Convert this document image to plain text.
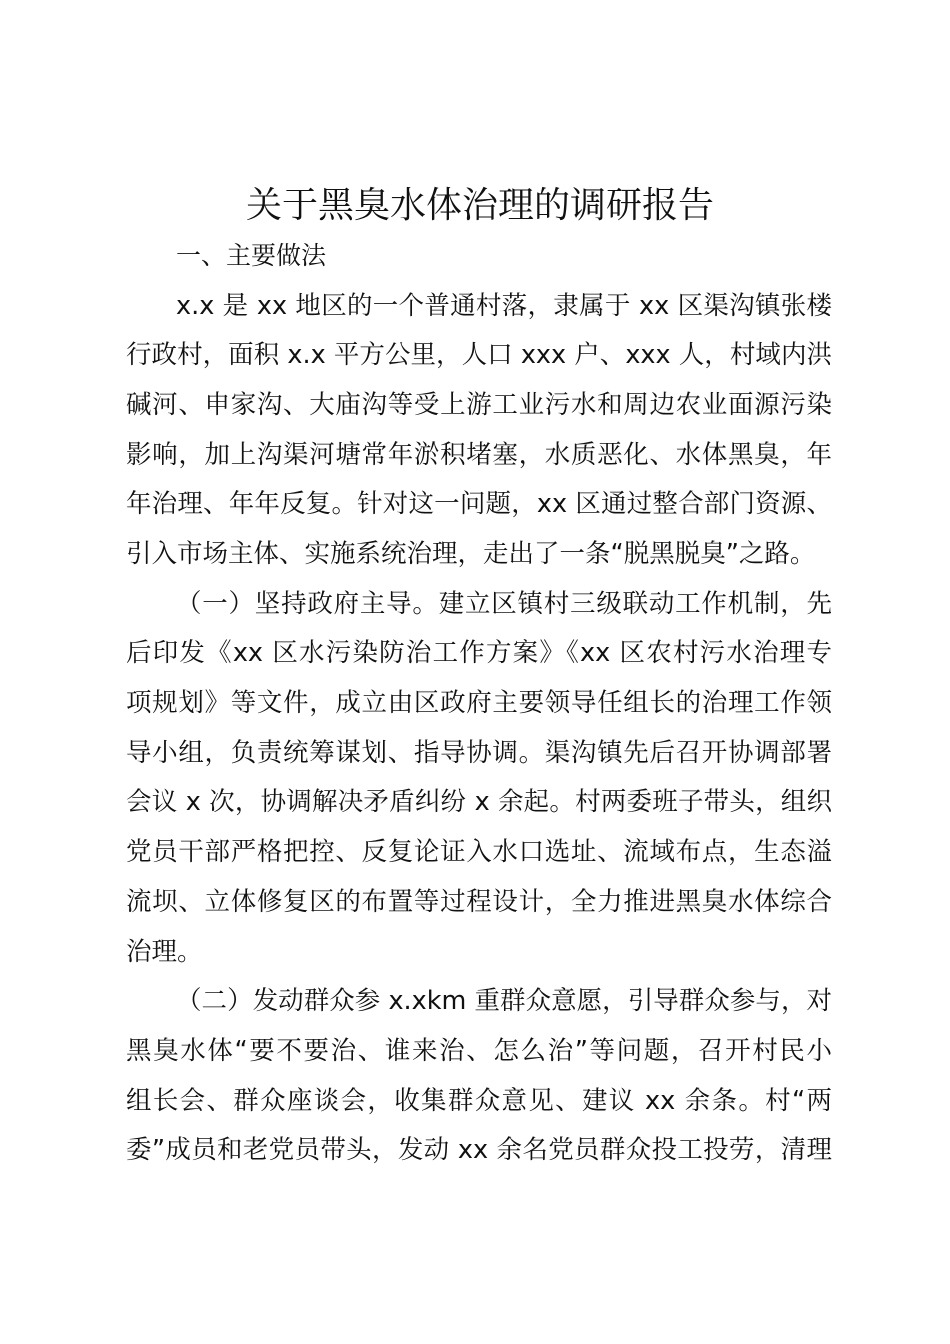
关于黑臭水体治理的调研报告
一、主要做法
x.x 是 xx 地区的一个普通村落，隶属于 xx 区渠沟镇张楼
行政村，面积 x.x 平方公里，人口 xxx 户、xxx 人，村域内洪
碱河、申家沟、大庙沟等受上游工业污水和周边农业面源污染
影响，加上沟渠河塘常年淤积堵塞，水质恶化、水体黑臭，年
年治理、年年反复。针对这一问题，xx 区通过整合部门资源、
引入市场主体、实施系统治理，走出了一条“脱黑脱臭”之路。
（一）坚持政府主导。建立区镇村三级联动工作机制，先
后印发《xx 区水污染防治工作方案》《xx 区农村污水治理专
项规划》等文件，成立由区政府主要领导任组长的治理工作领
导小组，负责统筹谋划、指导协调。渠沟镇先后召开协调部署
会议 x 次，协调解决矛盾纠纷 x 余起。村两委班子带头，组织
党员干部严格把控、反复论证入水口选址、流域布点，生态溢
流坝、立体修复区的布置等过程设计，全力推进黑臭水体综合
治理。
（二）发动群众参 x.xkm 重群众意愿，引导群众参与，对
黑臭水体“要不要治、谁来治、怎么治”等问题，召开村民小
组长会、群众座谈会，收集群众意见、建议 xx 余条。村“两
委”成员和老党员带头，发动 xx 余名党员群众投工投劳，清理
